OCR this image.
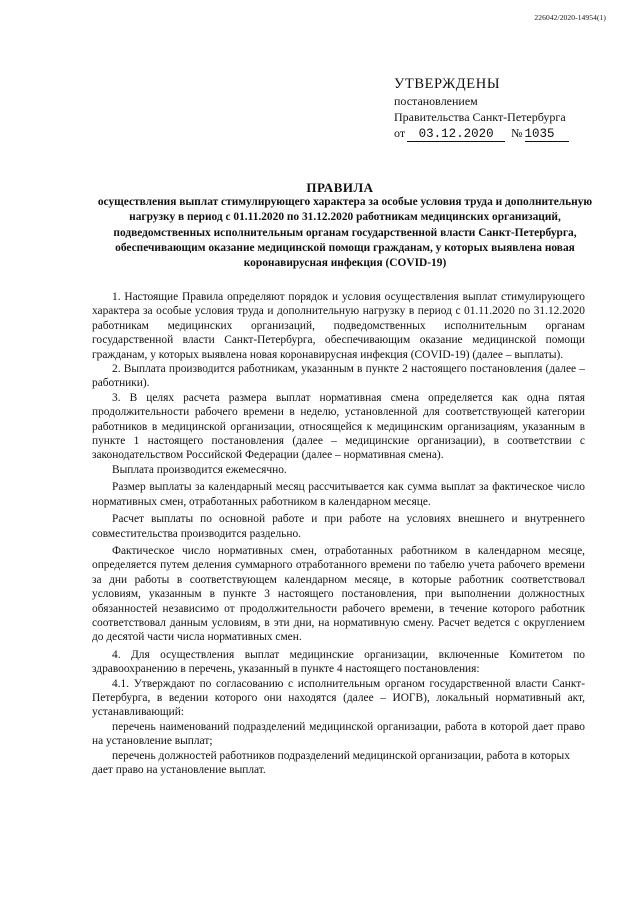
226042/2020-14954(1)
УТВЕРЖДЕНЫ
постановлением
Правительства Санкт-Петербурга
от 03.12.2020 № 1035
ПРАВИЛА
осуществления выплат стимулирующего характера за особые условия труда и дополнительную нагрузку в период с 01.11.2020 по 31.12.2020 работникам медицинских организаций, подведомственных исполнительным органам государственной власти Санкт-Петербурга, обеспечивающим оказание медицинской помощи гражданам, у которых выявлена новая коронавирусная инфекция (COVID-19)

1. Настоящие Правила определяют порядок и условия осуществления выплат стимулирующего характера за особые условия труда и дополнительную нагрузку в период с 01.11.2020 по 31.12.2020 работникам медицинских организаций, подведомственных исполнительным органам государственной власти Санкт-Петербурга, обеспечивающим оказание медицинской помощи гражданам, у которых выявлена новая коронавирусная инфекция (COVID-19) (далее – выплаты).

2. Выплата производится работникам, указанным в пункте 2 настоящего постановления (далее – работники).

3. В целях расчета размера выплат нормативная смена определяется как одна пятая продолжительности рабочего времени в неделю, установленной для соответствующей категории работников в медицинской организации, относящейся к медицинским организациям, указанным в пункте 1 настоящего постановления (далее – медицинские организации), в соответствии с законодательством Российской Федерации (далее – нормативная смена).

Выплата производится ежемесячно.

Размер выплаты за календарный месяц рассчитывается как сумма выплат за фактическое число нормативных смен, отработанных работником в календарном месяце.

Расчет выплаты по основной работе и при работе на условиях внешнего и внутреннего совместительства производится раздельно.

Фактическое число нормативных смен, отработанных работником в календарном месяце, определяется путем деления суммарного отработанного времени по табелю учета рабочего времени за дни работы в соответствующем календарном месяце, в которые работник соответствовал условиям, указанным в пункте 3 настоящего постановления, при выполнении должностных обязанностей независимо от продолжительности рабочего времени, в течение которого работник соответствовал данным условиям, в эти дни, на нормативную смену. Расчет ведется с округлением до десятой части числа нормативных смен.

4. Для осуществления выплат медицинские организации, включенные Комитетом по здравоохранению в перечень, указанный в пункте 4 настоящего постановления:

4.1. Утверждают по согласованию с исполнительным органом государственной власти Санкт-Петербурга, в ведении которого они находятся (далее – ИОГВ), локальный нормативный акт, устанавливающий:

перечень наименований подразделений медицинской организации, работа в которой дает право на установление выплат;

перечень должностей работников подразделений медицинской организации, работа в которых дает право на установление выплат.
